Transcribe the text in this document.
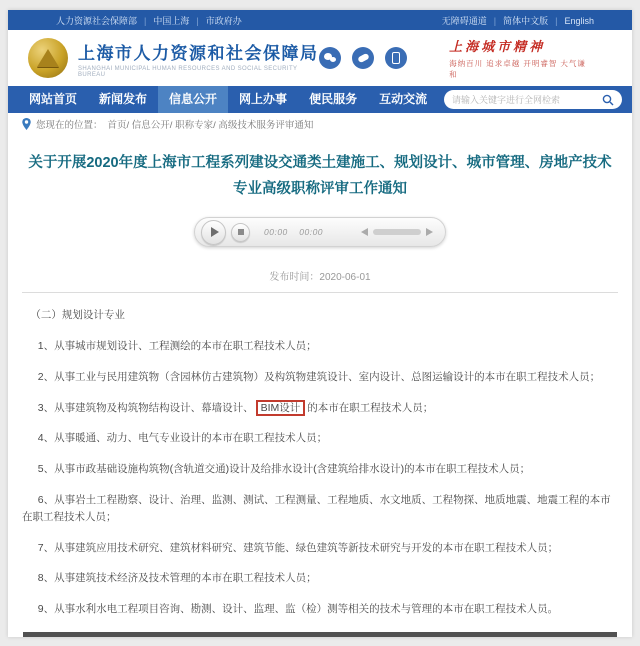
人力资源社会保障部 | 中国上海 | 市政府办	无障碍通道 | 简体中文版 | English
上海市人力资源和社会保障局
SHANGHAI MUNICIPAL HUMAN RESOURCES AND SOCIAL SECURITY BUREAU
上海城市精神
海纳百川 追求卓越 开明睿智 大气谦和
网站首页	新闻发布	信息公开	网上办事	便民服务	互动交流
请输入关键字进行全网检索
您现在的位置： 首页/ 信息公开/ 职称专家/ 高级技术服务评审通知
关于开展2020年度上海市工程系列建设交通类土建施工、规划设计、城市管理、房地产技术
专业高级职称评审工作通知
00:00 00:00
发布时间：2020-06-01

（二）规划设计专业

1、从事城市规划设计、工程测绘的本市在职工程技术人员；

2、从事工业与民用建筑物（含园林仿古建筑物）及构筑物建筑设计、室内设计、总图运输设计的本市在职工程技术人员；

3、从事建筑物及构筑物结构设计、幕墙设计、 BIM设计 的本市在职工程技术人员；

4、从事暖通、动力、电气专业设计的本市在职工程技术人员；

5、从事市政基础设施构筑物(含轨道交通)设计及给排水设计(含建筑给排水设计)的本市在职工程技术人员；

6、从事岩土工程勘察、设计、治理、监测、测试、工程测量、工程地质、水文地质、工程物探、地质地震、地震工程的本市在职工程技术人员；

7、从事建筑应用技术研究、建筑材料研究、建筑节能、绿色建筑等新技术研究与开发的本市在职工程技术人员；

8、从事建筑技术经济及技术管理的本市在职工程技术人员；

9、从事水利水电工程项目咨询、勘测、设计、监理、监（检）测等相关的技术与管理的本市在职工程技术人员。
